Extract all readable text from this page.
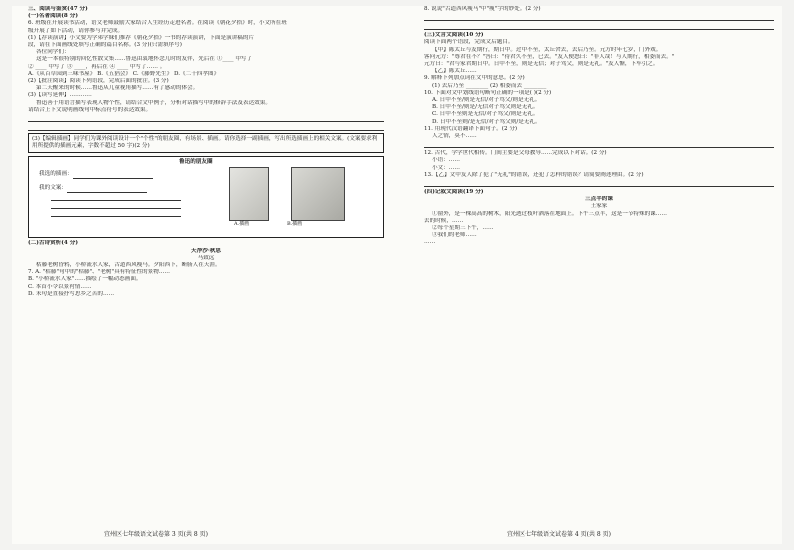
三、阅读与鉴赏(47 分)
(一)名著阅读(8 分)
6. 班级在开展读书活动，语文老师鼓励大家结合人生经历走进名著。在阅读《朝花夕拾》时，小文所在班
级开展了如下活动，请你参与并完成。
(1)【荐读演讲】小文要为学弟学妹们推荐《朝花夕拾》一书的荐读演讲，下面是演讲稿的片
段，请在下面画线处填写正确的篇目名称。(3 分)(只需填序号)
各位同学们：
这是一本很特别的回忆性散文集……鲁迅由衷地怀念儿时的友伴，先后在 ①____ 中写了
② ____ 中写了 ③ ____，再后在 ④ ____ 中写了…… 。
A.《从百草园到三味书屋》 B.《五猖会》 C.《藤野先生》 D.《二十四孝图》
(2)【批注阅读】阅读下列语段，完成后面的批注。(3 分)
第二天醒来的时候……鲁迅从儿童视角描写……有了感动的体会。
(3)【读写延伸】…………
鲁迅善于用语言描写表现人物个性，请结合文中例子，分析对话描写中的修辞手法及表达效果。
请结合上下文说明画线句中标点符号的表达效果。
(3)【编辑插画】同学们为课外阅读设计一个"个性"的朋友圈，有场景、插画。请你选择一副插画，写出所选插画上的相关文案。(文案要求利用所提供的插画元素，字数不超过 50 字)(2 分)
鲁迅的朋友圈
我选的插画：
我的文案：
A.插画	B.插画
(二)古诗赏析(4 分)
天净沙·秋思
马致远
枯藤老树昏鸦，小桥流水人家，古道西风瘦马。夕阳西下，断肠人在天涯。
7. A. "枯藤"句中的"枯藤"、"老树"具有特征性的景物……
B. "小桥流水人家"……描绘了一幅动态画面。
C. 本首小令以景衬情……
D. 末句是直接抒写思乡之苦的……
8. 说说"古道西风瘦马"中"瘦"字的妙处。(2 分)
(三)文言文阅读(10 分)
阅读下面两个语段，完成文后题目。
【甲】陈太丘与友期行，期日中。过中不至，太丘舍去，去后乃至。元方时年七岁，门外戏。
客问元方："尊君在不？"答曰："待君久不至，已去。"友人便怒曰："非人哉！与人期行，相委而去。"
元方曰："君与家君期日中。日中不至，则是无信；对子骂父，则是无礼。"友人惭，下车引之。
【乙】陈太丘……
9. 解释下列加点词在文中的意思。(2 分)
(1) 去后乃至 ________ (2) 相委而去 ________
10. 下面对文中划线语句断句正确的一项是( )(2 分)
A. 日中不至/则是无信/对子骂父/则是无礼。
B. 日中不至/则是/无信对子骂父则是无礼。
C. 日中不至则是无信/对子骂父/则是无礼。
D. 日中不至则/是无信/对子骂父则/是无礼。
11. 用现代汉语翻译下面句子。(2 分)
人之情，莫不……
12. 古代，学学世代相传。门间主要是父母教导……完成以下对话。(2 分)
小语：……
小文：……
13.【乙】文中友人除了犯了"无礼"的错误，还犯了怎样的错误？请简要阐述理由。(2 分)
(四)记叙文阅读(19 分)
三点半的课
王家家
①窗外，是一棵高高的树木，阳光透过枝叶洒落在地面上。下午三点半，这是一节特殊的课……
去的时候，……
②每个星期三下午，……
③我们的老师……
……
宜州区七年级语文试卷第 3 页(共 8 页)	宜州区七年级语文试卷第 4 页(共 8 页)
